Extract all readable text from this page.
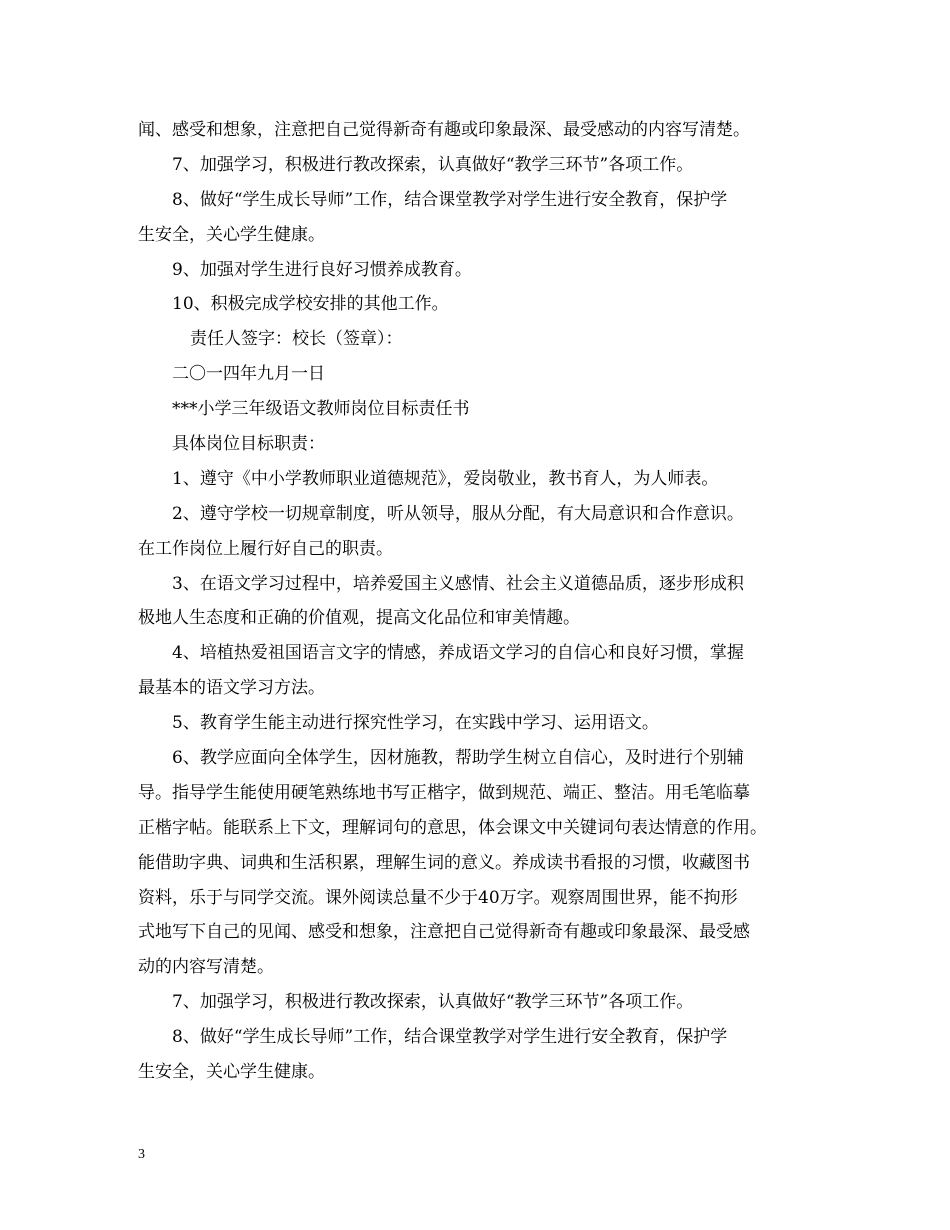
闻、感受和想象，注意把自己觉得新奇有趣或印象最深、最受感动的内容写清楚。
7、加强学习，积极进行教改探索，认真做好“教学三环节”各项工作。
8、做好“学生成长导师”工作，结合课堂教学对学生进行安全教育，保护学
生安全，关心学生健康。
9、加强对学生进行良好习惯养成教育。
10、积极完成学校安排的其他工作。
责任人签字：校长（签章）：
二〇一四年九月一日
***小学三年级语文教师岗位目标责任书
具体岗位目标职责：
1、遵守《中小学教师职业道德规范》，爱岗敬业，教书育人，为人师表。
2、遵守学校一切规章制度，听从领导，服从分配，有大局意识和合作意识。
在工作岗位上履行好自己的职责。
3、在语文学习过程中，培养爱国主义感情、社会主义道德品质，逐步形成积
极地人生态度和正确的价值观，提高文化品位和审美情趣。
4、培植热爱祖国语言文字的情感，养成语文学习的自信心和良好习惯，掌握
最基本的语文学习方法。
5、教育学生能主动进行探究性学习，在实践中学习、运用语文。
6、教学应面向全体学生，因材施教，帮助学生树立自信心，及时进行个别辅
导。指导学生能使用硬笔熟练地书写正楷字，做到规范、端正、整洁。用毛笔临摹
正楷字帖。能联系上下文，理解词句的意思，体会课文中关键词句表达情意的作用。
能借助字典、词典和生活积累，理解生词的意义。养成读书看报的习惯，收藏图书
资料，乐于与同学交流。课外阅读总量不少于40万字。观察周围世界，能不拘形
式地写下自己的见闻、感受和想象，注意把自己觉得新奇有趣或印象最深、最受感
动的内容写清楚。
7、加强学习，积极进行教改探索，认真做好“教学三环节”各项工作。
8、做好“学生成长导师”工作，结合课堂教学对学生进行安全教育，保护学
生安全，关心学生健康。
3
